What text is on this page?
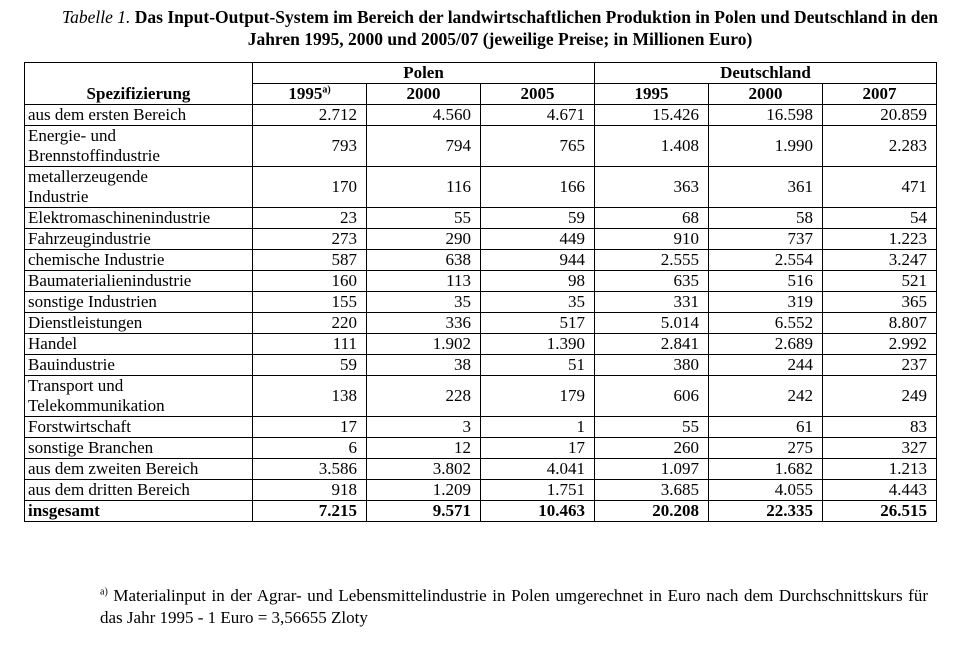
Tabelle 1. Das Input-Output-System im Bereich der landwirtschaftlichen Produktion in Polen und Deutschland in den Jahren 1995, 2000 und 2005/07 (jeweilige Preise; in Millionen Euro)
Spezifizierung	Polen			Deutschland		
	1995$^{a)}$	2000	2005	1995	2000	2007
aus dem ersten Bereich	2.712	4.560	4.671	15.426	16.598	20.859
Energie- und
Brennstoffindustrie	793	794	765	1.408	1.990	2.283
metallerzeugende
Industrie	170	116	166	363	361	471
Elektromaschinenindustrie	23	55	59	68	58	54
Fahrzeugindustrie	273	290	449	910	737	1.223
chemische Industrie	587	638	944	2.555	2.554	3.247
Baumaterialienindustrie	160	113	98	635	516	521
sonstige Industrien	155	35	35	331	319	365
Dienstleistungen	220	336	517	5.014	6.552	8.807
Handel	111	1.902	1.390	2.841	2.689	2.992
Bauindustrie	59	38	51	380	244	237
Transport und
Telekommunikation	138	228	179	606	242	249
Forstwirtschaft	17	3	1	55	61	83
sonstige Branchen	6	12	17	260	275	327
aus dem zweiten Bereich	3.586	3.802	4.041	1.097	1.682	1.213
aus dem dritten Bereich	918	1.209	1.751	3.685	4.055	4.443
insgesamt	7.215	9.571	10.463	20.208	22.335	26.515
$^{a)}$ Materialinput in der Agrar- und Lebensmittelindustrie in Polen umgerechnet in Euro nach dem Durchschnittskurs für das Jahr 1995 - 1 Euro = 3,56655 Zloty
